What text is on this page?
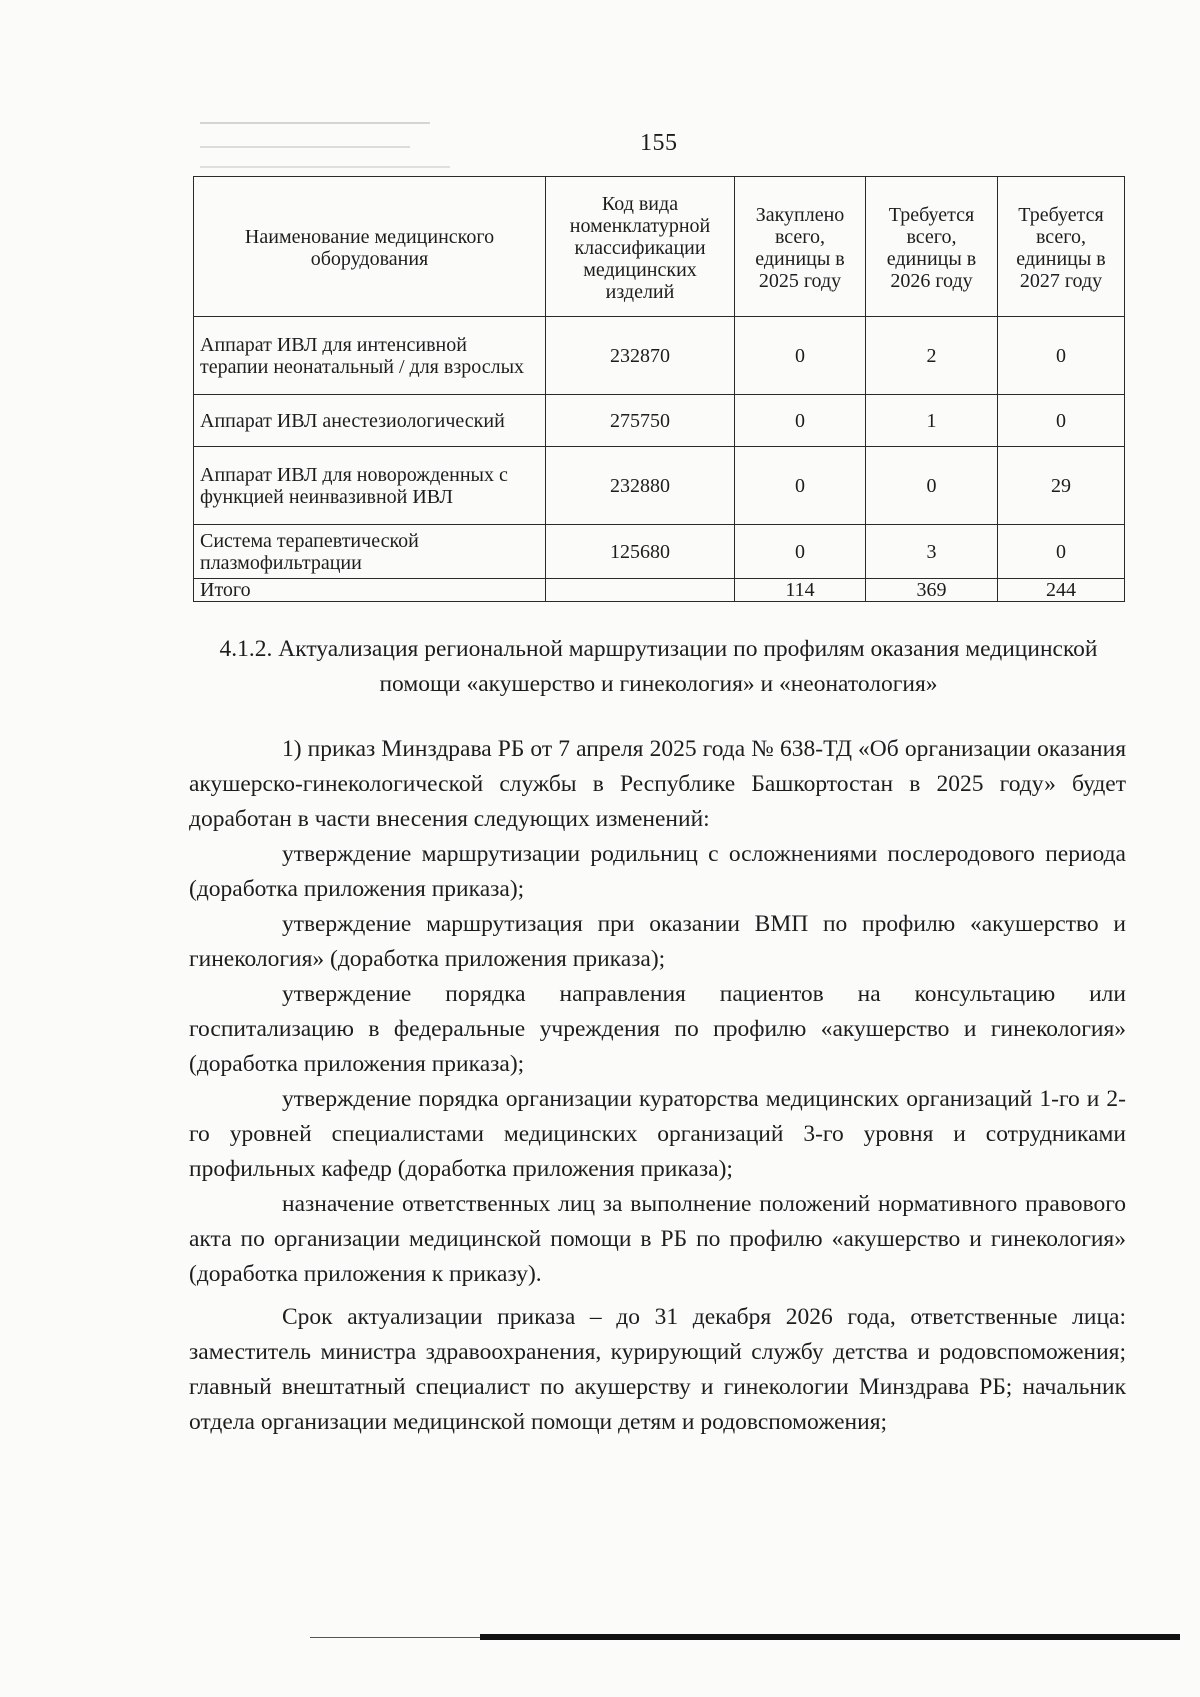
155
Наименование медицинского оборудования	Код вида номенклатурной классификации медицинских изделий	Закуплено всего, единицы в 2025 году	Требуется всего, единицы в 2026 году	Требуется всего, единицы в 2027 году
Аппарат ИВЛ для интенсивной терапии неонатальный / для взрослых	232870	0	2	0
Аппарат ИВЛ анестезиологический	275750	0	1	0
Аппарат ИВЛ для новорожденных с функцией неинвазивной ИВЛ	232880	0	0	29
Система терапевтической плазмофильтрации	125680	0	3	0
Итого		114	369	244
4.1.2. Актуализация региональной маршрутизации по профилям оказания медицинской помощи «акушерство и гинекология» и «неонатология»

1) приказ Минздрава РБ от 7 апреля 2025 года № 638-ТД «Об организации оказания акушерско-гинекологической службы в Республике Башкортостан в 2025 году» будет доработан в части внесения следующих изменений:

утверждение маршрутизации родильниц с осложнениями послеродового периода (доработка приложения приказа);

утверждение маршрутизация при оказании ВМП по профилю «акушерство и гинекология» (доработка приложения приказа);

утверждение порядка направления пациентов на консультацию или госпитализацию в федеральные учреждения по профилю «акушерство и гинекология» (доработка приложения приказа);

утверждение порядка организации кураторства медицинских организаций 1-го и 2-го уровней специалистами медицинских организаций 3-го уровня и сотрудниками профильных кафедр (доработка приложения приказа);

назначение ответственных лиц за выполнение положений нормативного правового акта по организации медицинской помощи в РБ по профилю «акушерство и гинекология» (доработка приложения к приказу).

Срок актуализации приказа – до 31 декабря 2026 года, ответственные лица: заместитель министра здравоохранения, курирующий службу детства и родовспоможения; главный внештатный специалист по акушерству и гинекологии Минздрава РБ; начальник отдела организации медицинской помощи детям и родовспоможения;
